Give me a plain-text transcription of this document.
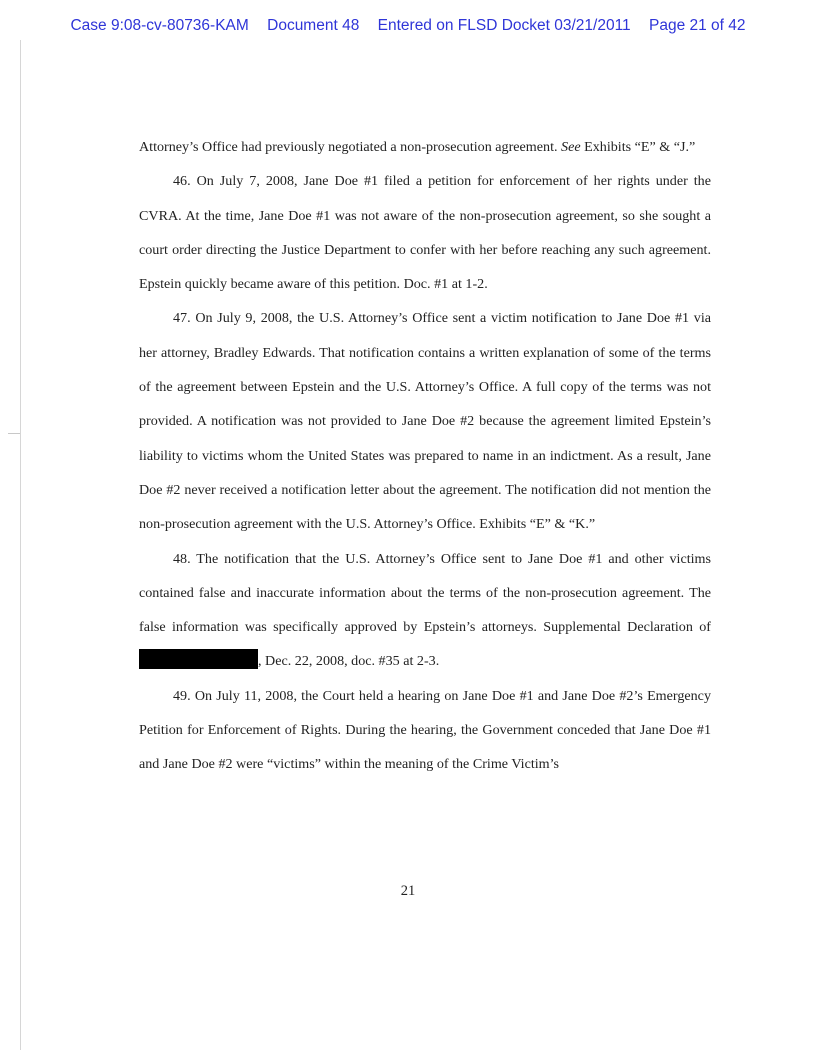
Case 9:08-cv-80736-KAM Document 48 Entered on FLSD Docket 03/21/2011 Page 21 of 42

Attorney’s Office had previously negotiated a non-prosecution agreement. See Exhibits “E” & “J.”

46. On July 7, 2008, Jane Doe #1 filed a petition for enforcement of her rights under the CVRA. At the time, Jane Doe #1 was not aware of the non-prosecution agreement, so she sought a court order directing the Justice Department to confer with her before reaching any such agreement. Epstein quickly became aware of this petition. Doc. #1 at 1-2.

47. On July 9, 2008, the U.S. Attorney’s Office sent a victim notification to Jane Doe #1 via her attorney, Bradley Edwards. That notification contains a written explanation of some of the terms of the agreement between Epstein and the U.S. Attorney’s Office. A full copy of the terms was not provided. A notification was not provided to Jane Doe #2 because the agreement limited Epstein’s liability to victims whom the United States was prepared to name in an indictment. As a result, Jane Doe #2 never received a notification letter about the agreement. The notification did not mention the non-prosecution agreement with the U.S. Attorney’s Office. Exhibits “E” & “K.”

48. The notification that the U.S. Attorney’s Office sent to Jane Doe #1 and other victims contained false and inaccurate information about the terms of the non-prosecution agreement. The false information was specifically approved by Epstein’s attorneys. Supplemental Declaration of , Dec. 22, 2008, doc. #35 at 2-3.

49. On July 11, 2008, the Court held a hearing on Jane Doe #1 and Jane Doe #2’s Emergency Petition for Enforcement of Rights. During the hearing, the Government conceded that Jane Doe #1 and Jane Doe #2 were “victims” within the meaning of the Crime Victim’s

21
